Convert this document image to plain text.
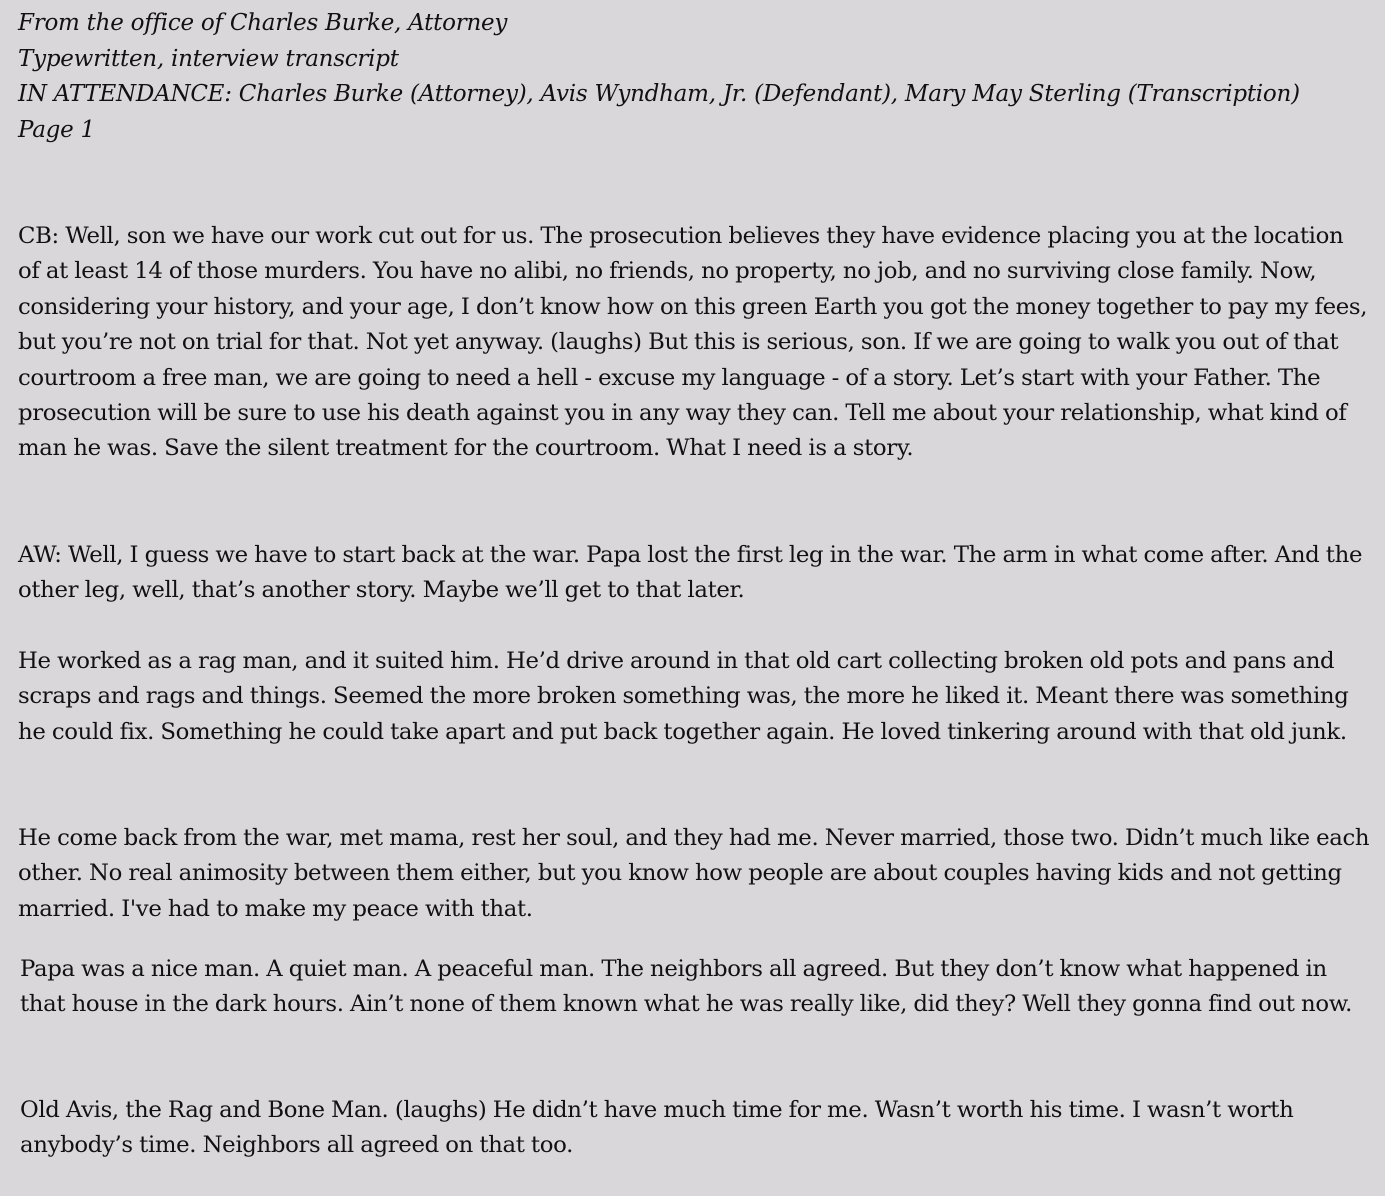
From the office of Charles Burke, Attorney
Typewritten, interview transcript
IN ATTENDANCE: Charles Burke (Attorney), Avis Wyndham, Jr. (Defendant), Mary May Sterling (Transcription)
Page 1

CB: Well, son we have our work cut out for us. The prosecution believes they have evidence placing you at the location of at least 14 of those murders. You have no alibi, no friends, no property, no job, and no surviving close family. Now, considering your history, and your age, I don’t know how on this green Earth you got the money together to pay my fees, but you’re not on trial for that. Not yet anyway. (laughs) But this is serious, son. If we are going to walk you out of that courtroom a free man, we are going to need a hell - excuse my language - of a story. Let’s start with your Father. The prosecution will be sure to use his death against you in any way they can. Tell me about your relationship, what kind of man he was. Save the silent treatment for the courtroom. What I need is a story.

AW: Well, I guess we have to start back at the war. Papa lost the first leg in the war. The arm in what come after. And the other leg, well, that’s another story. Maybe we’ll get to that later.

He worked as a rag man, and it suited him. He’d drive around in that old cart collecting broken old pots and pans and scraps and rags and things. Seemed the more broken something was, the more he liked it. Meant there was something he could fix. Something he could take apart and put back together again. He loved tinkering around with that old junk.

He come back from the war, met mama, rest her soul, and they had me. Never married, those two. Didn’t much like each other. No real animosity between them either, but you know how people are about couples having kids and not getting married. I've had to make my peace with that.

Papa was a nice man. A quiet man. A peaceful man. The neighbors all agreed. But they don’t know what happened in that house in the dark hours. Ain’t none of them known what he was really like, did they? Well they gonna find out now.

Old Avis, the Rag and Bone Man. (laughs) He didn’t have much time for me. Wasn’t worth his time. I wasn’t worth anybody’s time. Neighbors all agreed on that too.
